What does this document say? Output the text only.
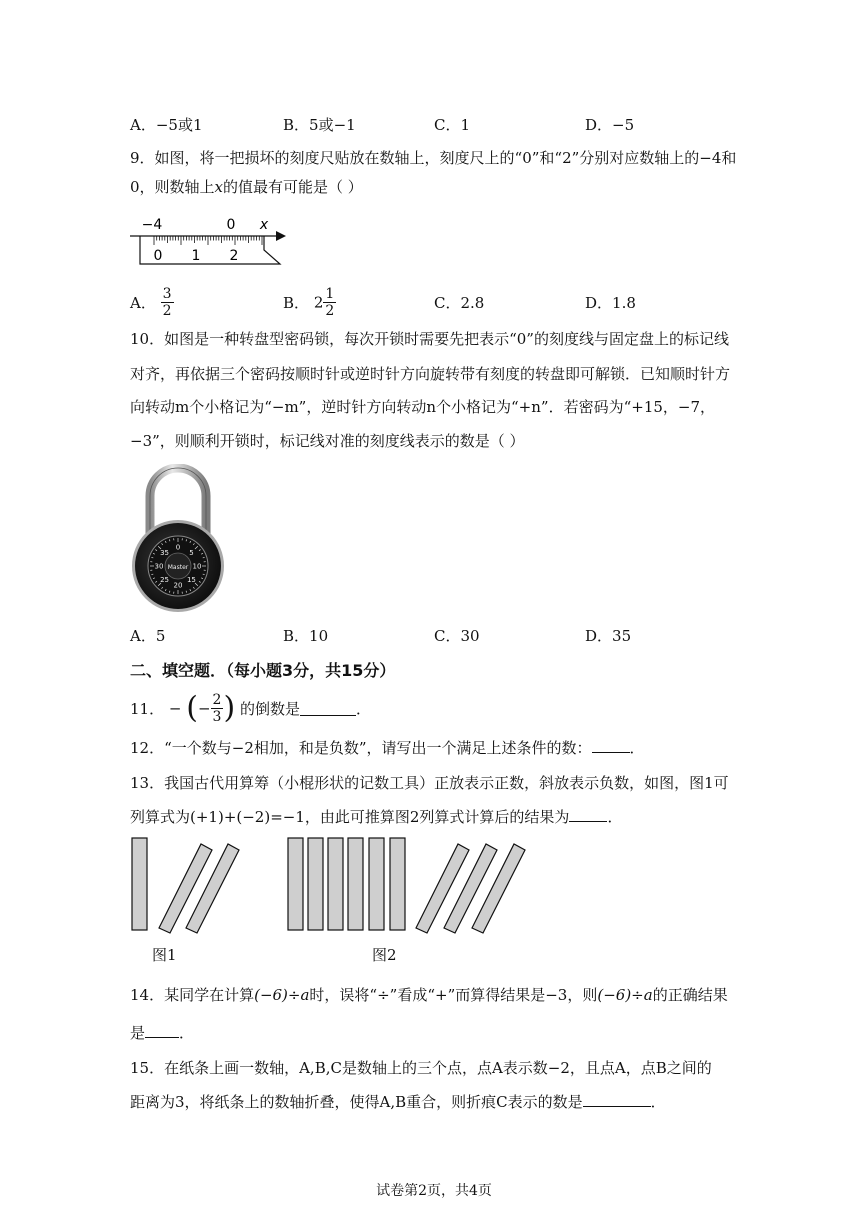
A．−5或1	B．5或−1	C．1	D．−5
9．如图，将一把损坏的刻度尺贴放在数轴上，刻度尺上的“0”和“2”分别对应数轴上的−4和
0，则数轴上x的值最有可能是（ ）
−4	0 x
0 1 2
A． $\frac{3}{2}$	B． $2 \frac{1}{2}$	C．2.8	D．1.8
10．如图是一种转盘型密码锁，每次开锁时需要先把表示“0”的刻度线与固定盘上的标记线
对齐，再依据三个密码按顺时针或逆时针方向旋转带有刻度的转盘即可解锁．已知顺时针方
向转动m个小格记为“−m”，逆时针方向转动n个小格记为“+n”．若密码为“+15，−7，
−3”，则顺利开锁时，标记线对准的刻度线表示的数是（ ）
0
5
10
15
20
25
30
35
Master
A．5	B．10	C．30	D．35
二、填空题．（每小题3分，共15分）
11． − (− $\frac{2}{3}$ ) 的倒数是	．
12．“一个数与−2相加，和是负数”，请写出一个满足上述条件的数：	．
13．我国古代用算筹（小棍形状的记数工具）正放表示正数，斜放表示负数，如图，图1可
列算式为(+1)+(−2)=−1，由此可推算图2列算式计算后的结果为	．
图1	图2
14．某同学在计算(−6)÷a时，误将“÷”看成“+”而算得结果是−3，则(−6)÷a的正确结果
是 ．
15．在纸条上画一数轴，A,B,C是数轴上的三个点，点A表示数−2，且点A，点B之间的
距离为3，将纸条上的数轴折叠，使得A,B重合，则折痕C表示的数是	．
试卷第2页，共4页
